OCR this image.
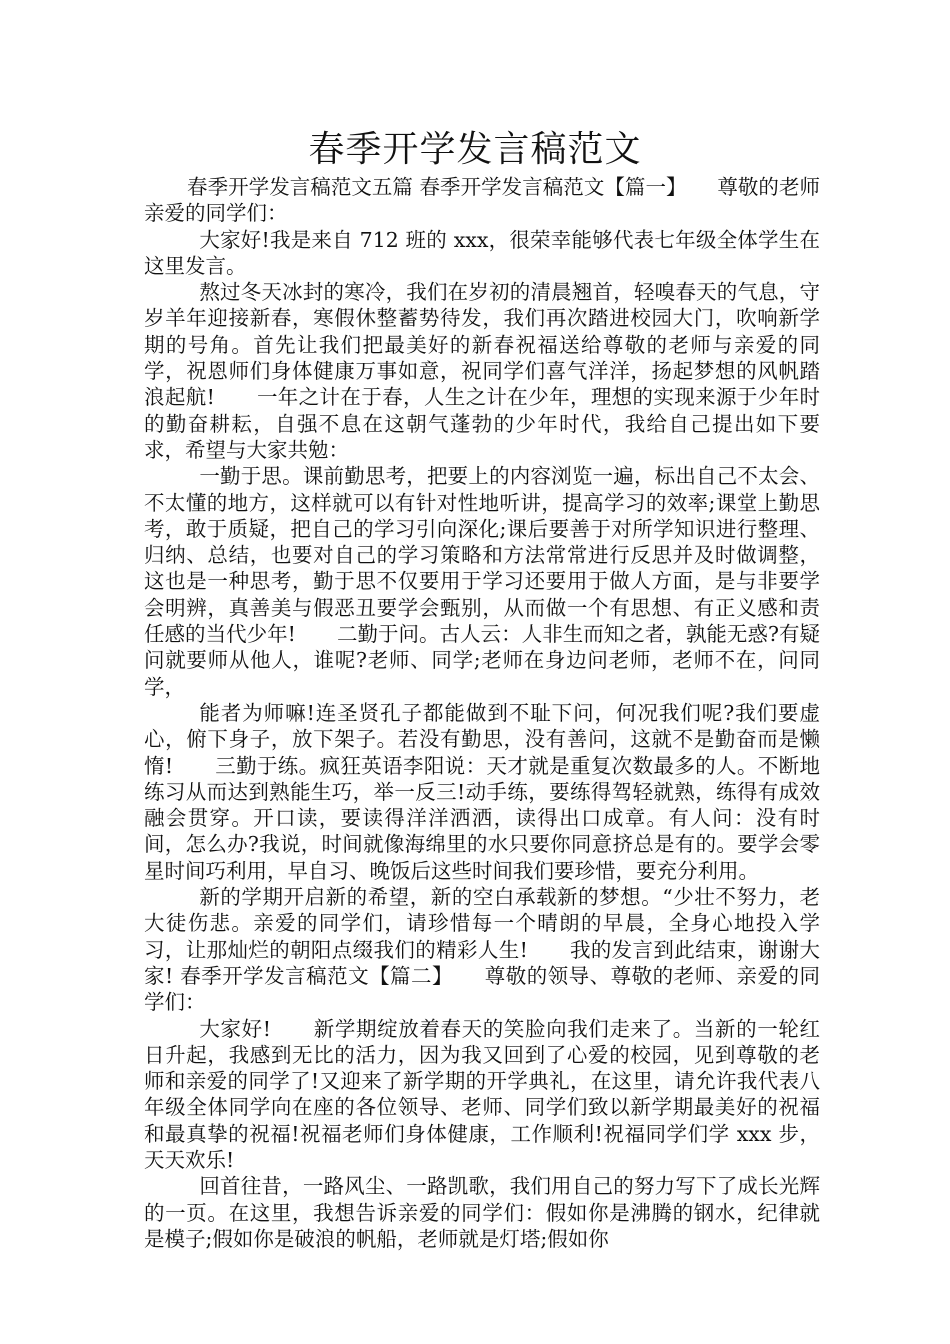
春季开学发言稿范文

春季开学发言稿范文五篇 春季开学发言稿范文【篇一】　　尊敬的老师亲爱的同学们：

大家好!我是来自 712 班的 xxx，很荣幸能够代表七年级全体学生在这里发言。

熬过冬天冰封的寒冷，我们在岁初的清晨翘首，轻嗅春天的气息，守岁羊年迎接新春，寒假休整蓄势待发，我们再次踏进校园大门，吹响新学期的号角。首先让我们把最美好的新春祝福送给尊敬的老师与亲爱的同学，祝恩师们身体健康万事如意，祝同学们喜气洋洋，扬起梦想的风帆踏浪起航!　　一年之计在于春，人生之计在少年，理想的实现来源于少年时的勤奋耕耘，自强不息在这朝气蓬勃的少年时代，我给自己提出如下要求，希望与大家共勉：

一勤于思。课前勤思考，把要上的内容浏览一遍，标出自己不太会、不太懂的地方，这样就可以有针对性地听讲，提高学习的效率;课堂上勤思考，敢于质疑，把自己的学习引向深化;课后要善于对所学知识进行整理、归纳、总结，也要对自己的学习策略和方法常常进行反思并及时做调整，这也是一种思考，勤于思不仅要用于学习还要用于做人方面，是与非要学会明辨，真善美与假恶丑要学会甄别，从而做一个有思想、有正义感和责任感的当代少年!　　二勤于问。古人云：人非生而知之者，孰能无惑?有疑问就要师从他人，谁呢?老师、同学;老师在身边问老师，老师不在，问同学，

能者为师嘛!连圣贤孔子都能做到不耻下问，何况我们呢?我们要虚心，俯下身子，放下架子。若没有勤思，没有善问，这就不是勤奋而是懒惰!　　三勤于练。疯狂英语李阳说：天才就是重复次数最多的人。不断地练习从而达到熟能生巧，举一反三!动手练，要练得驾轻就熟，练得有成效融会贯穿。开口读，要读得洋洋洒洒，读得出口成章。有人问：没有时间，怎么办?我说，时间就像海绵里的水只要你同意挤总是有的。要学会零星时间巧利用，早自习、晚饭后这些时间我们要珍惜，要充分利用。

新的学期开启新的希望，新的空白承载新的梦想。“少壮不努力，老大徒伤悲。亲爱的同学们，请珍惜每一个晴朗的早晨，全身心地投入学习，让那灿烂的朝阳点缀我们的精彩人生!　　我的发言到此结束，谢谢大家! 春季开学发言稿范文【篇二】　　尊敬的领导、尊敬的老师、亲爱的同学们：

大家好!　　新学期绽放着春天的笑脸向我们走来了。当新的一轮红日升起，我感到无比的活力，因为我又回到了心爱的校园，见到尊敬的老师和亲爱的同学了!又迎来了新学期的开学典礼，在这里，请允许我代表八年级全体同学向在座的各位领导、老师、同学们致以新学期最美好的祝福和最真挚的祝福!祝福老师们身体健康，工作顺利!祝福同学们学 xxx 步，天天欢乐!

回首往昔，一路风尘、一路凯歌，我们用自己的努力写下了成长光辉的一页。在这里，我想告诉亲爱的同学们：假如你是沸腾的钢水，纪律就是模子;假如你是破浪的帆船，老师就是灯塔;假如你
